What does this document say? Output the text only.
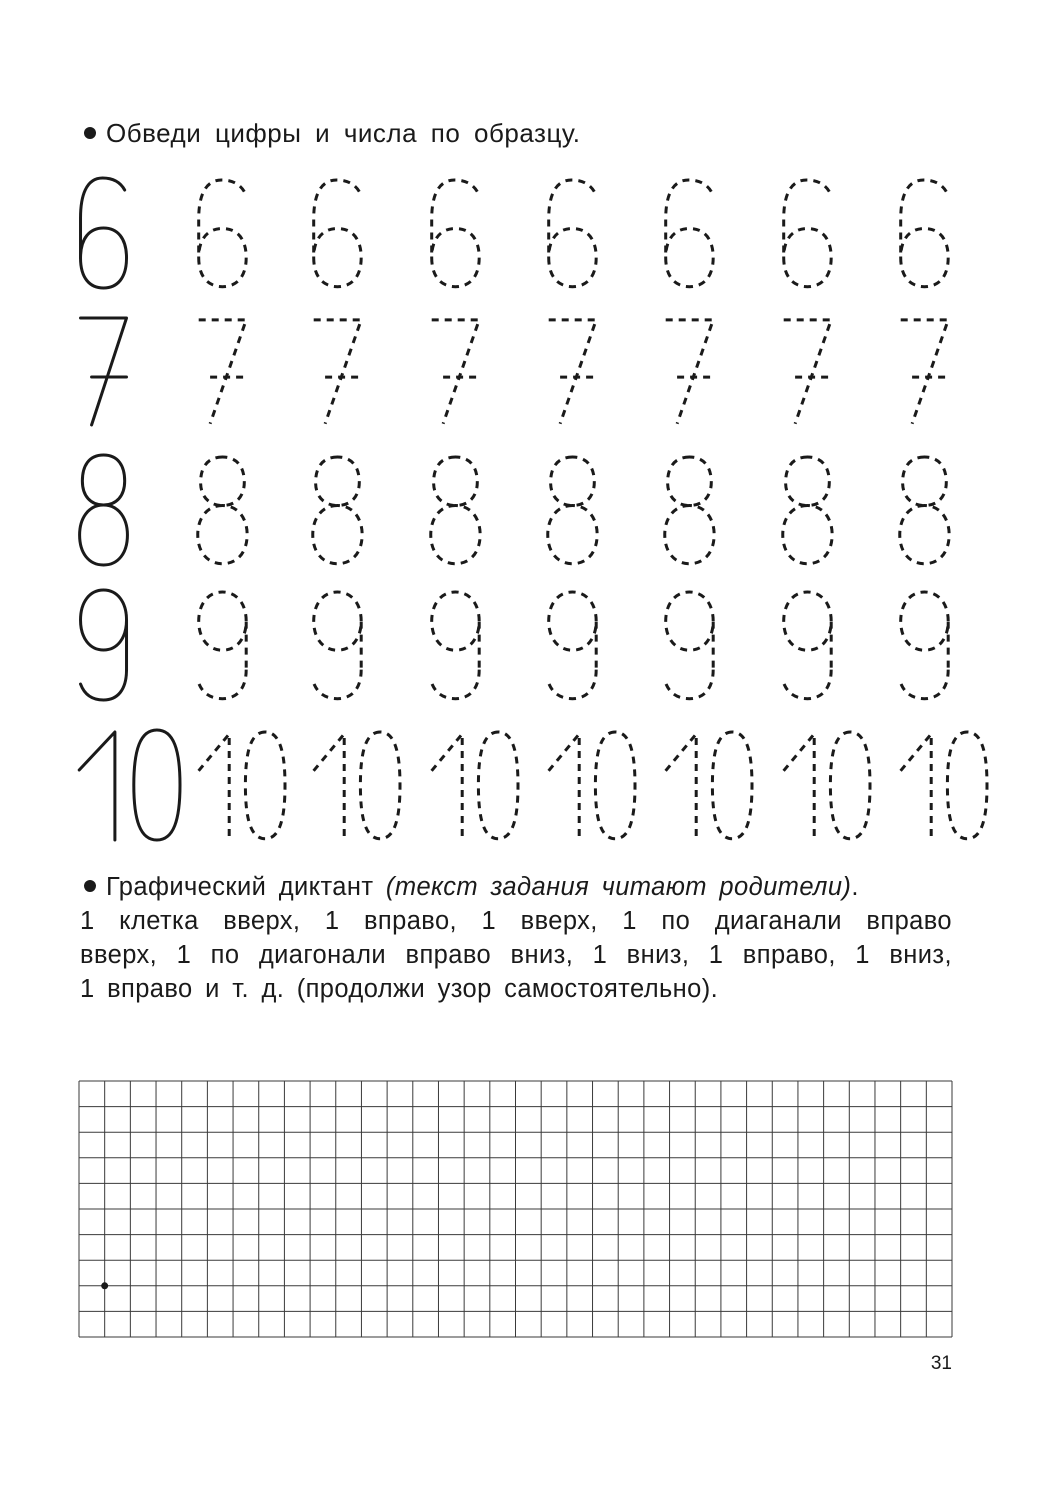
Обведи цифры и числа по образцу.
Графический диктант (текст задания читают родители).
1 клетка вверх, 1 вправо, 1 вверх, 1 по диаганали вправо
вверх, 1 по диагонали вправо вниз, 1 вниз, 1 вправо, 1 вниз,
1 вправо и т. д. (продолжи узор самостоятельно).
31
